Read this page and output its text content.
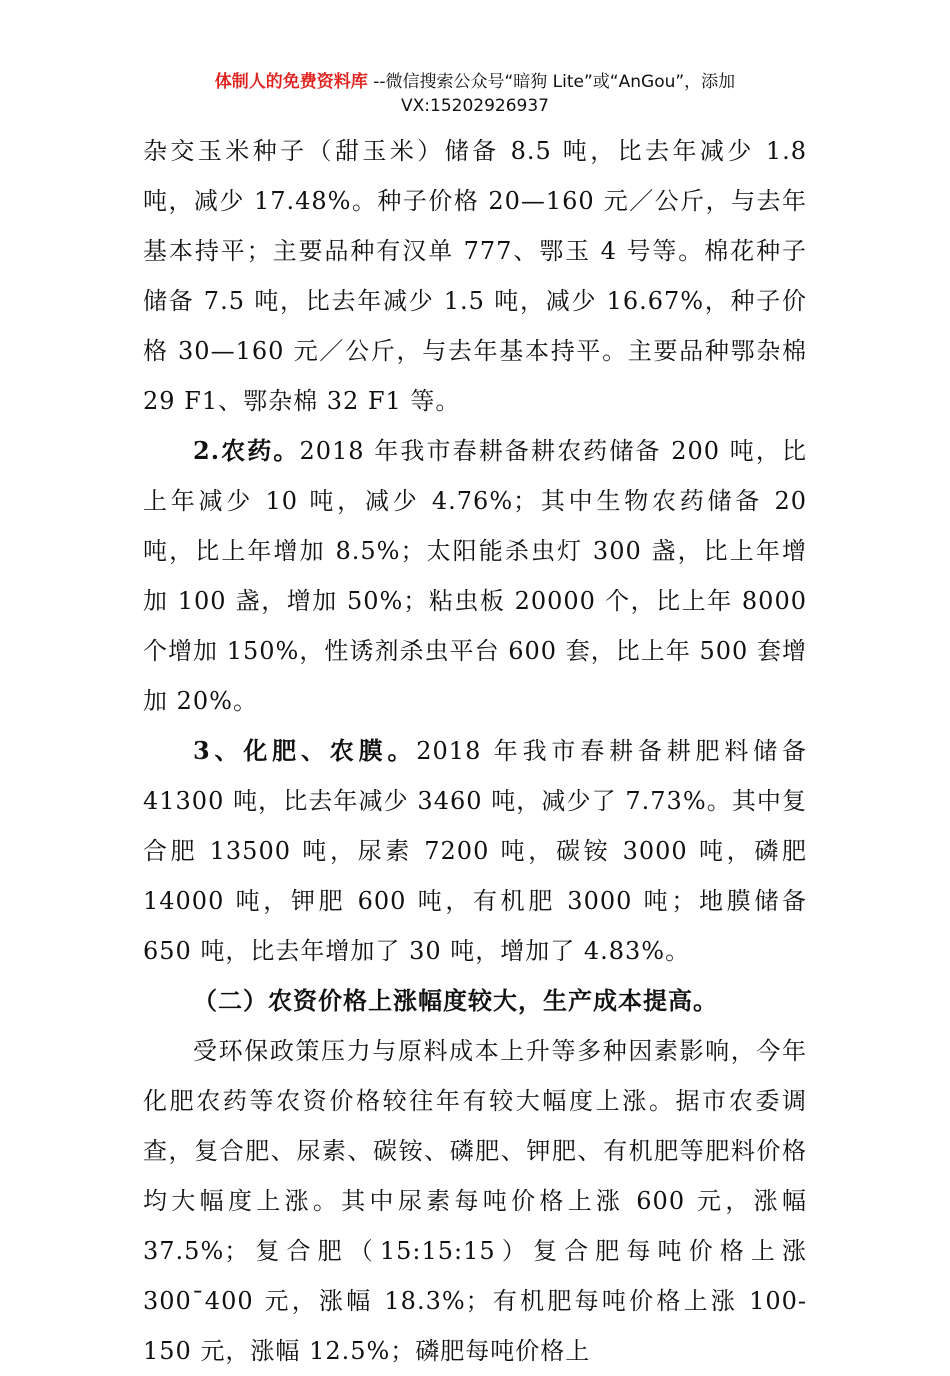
体制人的免费资料库 --微信搜索公众号“暗狗 Lite”或“AnGou”，添加
VX:15202926937

杂交玉米种子（甜玉米）储备 8.5 吨，比去年减少 1.8 吨，减少 17.48%。种子价格 20—160 元／公斤，与去年基本持平；主要品种有汉单 777、鄂玉 4 号等。棉花种子储备 7.5 吨，比去年减少 1.5 吨，减少 16.67%，种子价格 30—160 元／公斤，与去年基本持平。主要品种鄂杂棉 29 F1、鄂杂棉 32 F1 等。

2.农药。2018 年我市春耕备耕农药储备 200 吨，比上年减少 10 吨，减少 4.76%；其中生物农药储备 20 吨，比上年增加 8.5%；太阳能杀虫灯 300 盏，比上年增加 100 盏，增加 50%；粘虫板 20000 个，比上年 8000 个增加 150%，性诱剂杀虫平台 600 套，比上年 500 套增加 20%。

3、化肥、农膜。2018 年我市春耕备耕肥料储备 41300 吨，比去年减少 3460 吨，减少了 7.73%。其中复合肥 13500 吨，尿素 7200 吨，碳铵 3000 吨，磷肥 14000 吨，钾肥 600 吨，有机肥 3000 吨；地膜储备 650 吨，比去年增加了 30 吨，增加了 4.83%。

（二）农资价格上涨幅度较大，生产成本提高。

受环保政策压力与原料成本上升等多种因素影响，今年化肥农药等农资价格较往年有较大幅度上涨。据市农委调查，复合肥、尿素、碳铵、磷肥、钾肥、有机肥等肥料价格均大幅度上涨。其中尿素每吨价格上涨 600 元，涨幅 37.5%；复合肥（15:15:15）复合肥每吨价格上涨 300ˉ400 元，涨幅 18.3%；有机肥每吨价格上涨 100-150 元，涨幅 12.5%；磷肥每吨价格上
